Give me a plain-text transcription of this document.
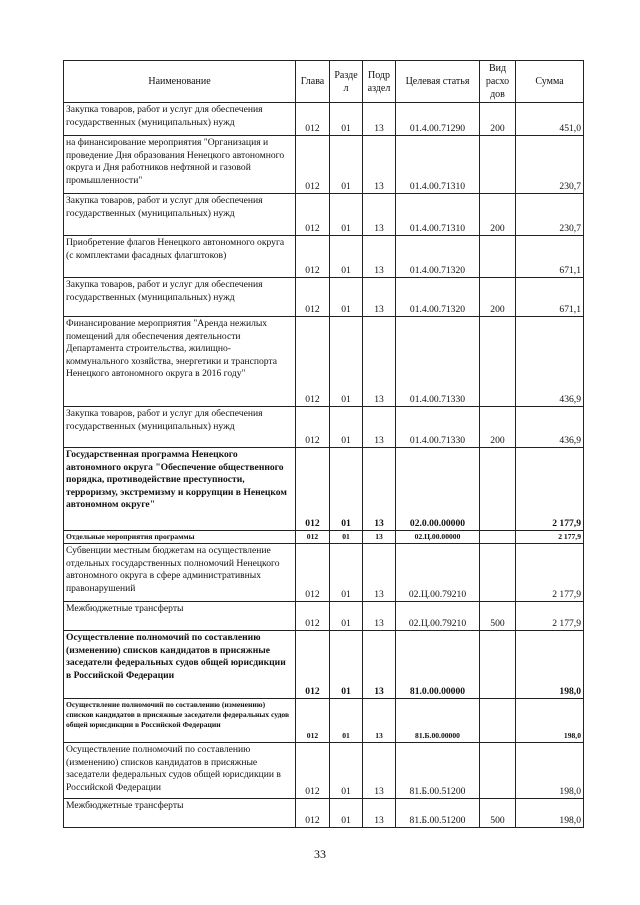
Наименование	Глава	Разде л	Подр аздел	Целевая статья	Вид расхо дов	Сумма
Закупка товаров, работ и услуг для обеспечения государственных (муниципальных) нужд	012	01	13	01.4.00.71290	200	451,0
на финансирование мероприятия "Организация и проведение Дня образования Ненецкого автономного округа и Дня работников нефтяной и газовой промышленности"	012	01	13	01.4.00.71310		230,7
Закупка товаров, работ и услуг для обеспечения государственных (муниципальных) нужд	012	01	13	01.4.00.71310	200	230,7
Приобретение флагов Ненецкого автономного округа (с комплектами фасадных флагштоков)	012	01	13	01.4.00.71320		671,1
Закупка товаров, работ и услуг для обеспечения государственных (муниципальных) нужд	012	01	13	01.4.00.71320	200	671,1
Финансирование мероприятия "Аренда нежилых помещений для обеспечения деятельности Департамента строительства, жилищно-коммунального хозяйства, энергетики и транспорта Ненецкого автономного округа в 2016 году"	012	01	13	01.4.00.71330		436,9
Закупка товаров, работ и услуг для обеспечения государственных (муниципальных) нужд	012	01	13	01.4.00.71330	200	436,9
Государственная программа Ненецкого автономного округа "Обеспечение общественного порядка, противодействие преступности, терроризму, экстремизму и коррупции в Ненецком автономном округе"	012	01	13	02.0.00.00000		2 177,9
Отдельные мероприятия программы	012	01	13	02.Ц.00.00000		2 177,9
Субвенции местным бюджетам на осуществление отдельных государственных полномочий Ненецкого автономного округа в сфере административных правонарушений	012	01	13	02.Ц.00.79210		2 177,9
Межбюджетные трансферты	012	01	13	02.Ц.00.79210	500	2 177,9
Осуществление полномочий по составлению (изменению) списков кандидатов в присяжные заседатели федеральных судов общей юрисдикции в Российской Федерации	012	01	13	81.0.00.00000		198,0
Осуществление полномочий по составлению (изменению) списков кандидатов в присяжные заседатели федеральных судов общей юрисдикции в Российской Федерации	012	01	13	81.Б.00.00000		198,0
Осуществление полномочий по составлению (изменению) списков кандидатов в присяжные заседатели федеральных судов общей юрисдикции в Российской Федерации	012	01	13	81.Б.00.51200		198,0
Межбюджетные трансферты	012	01	13	81.Б.00.51200	500	198,0
33
